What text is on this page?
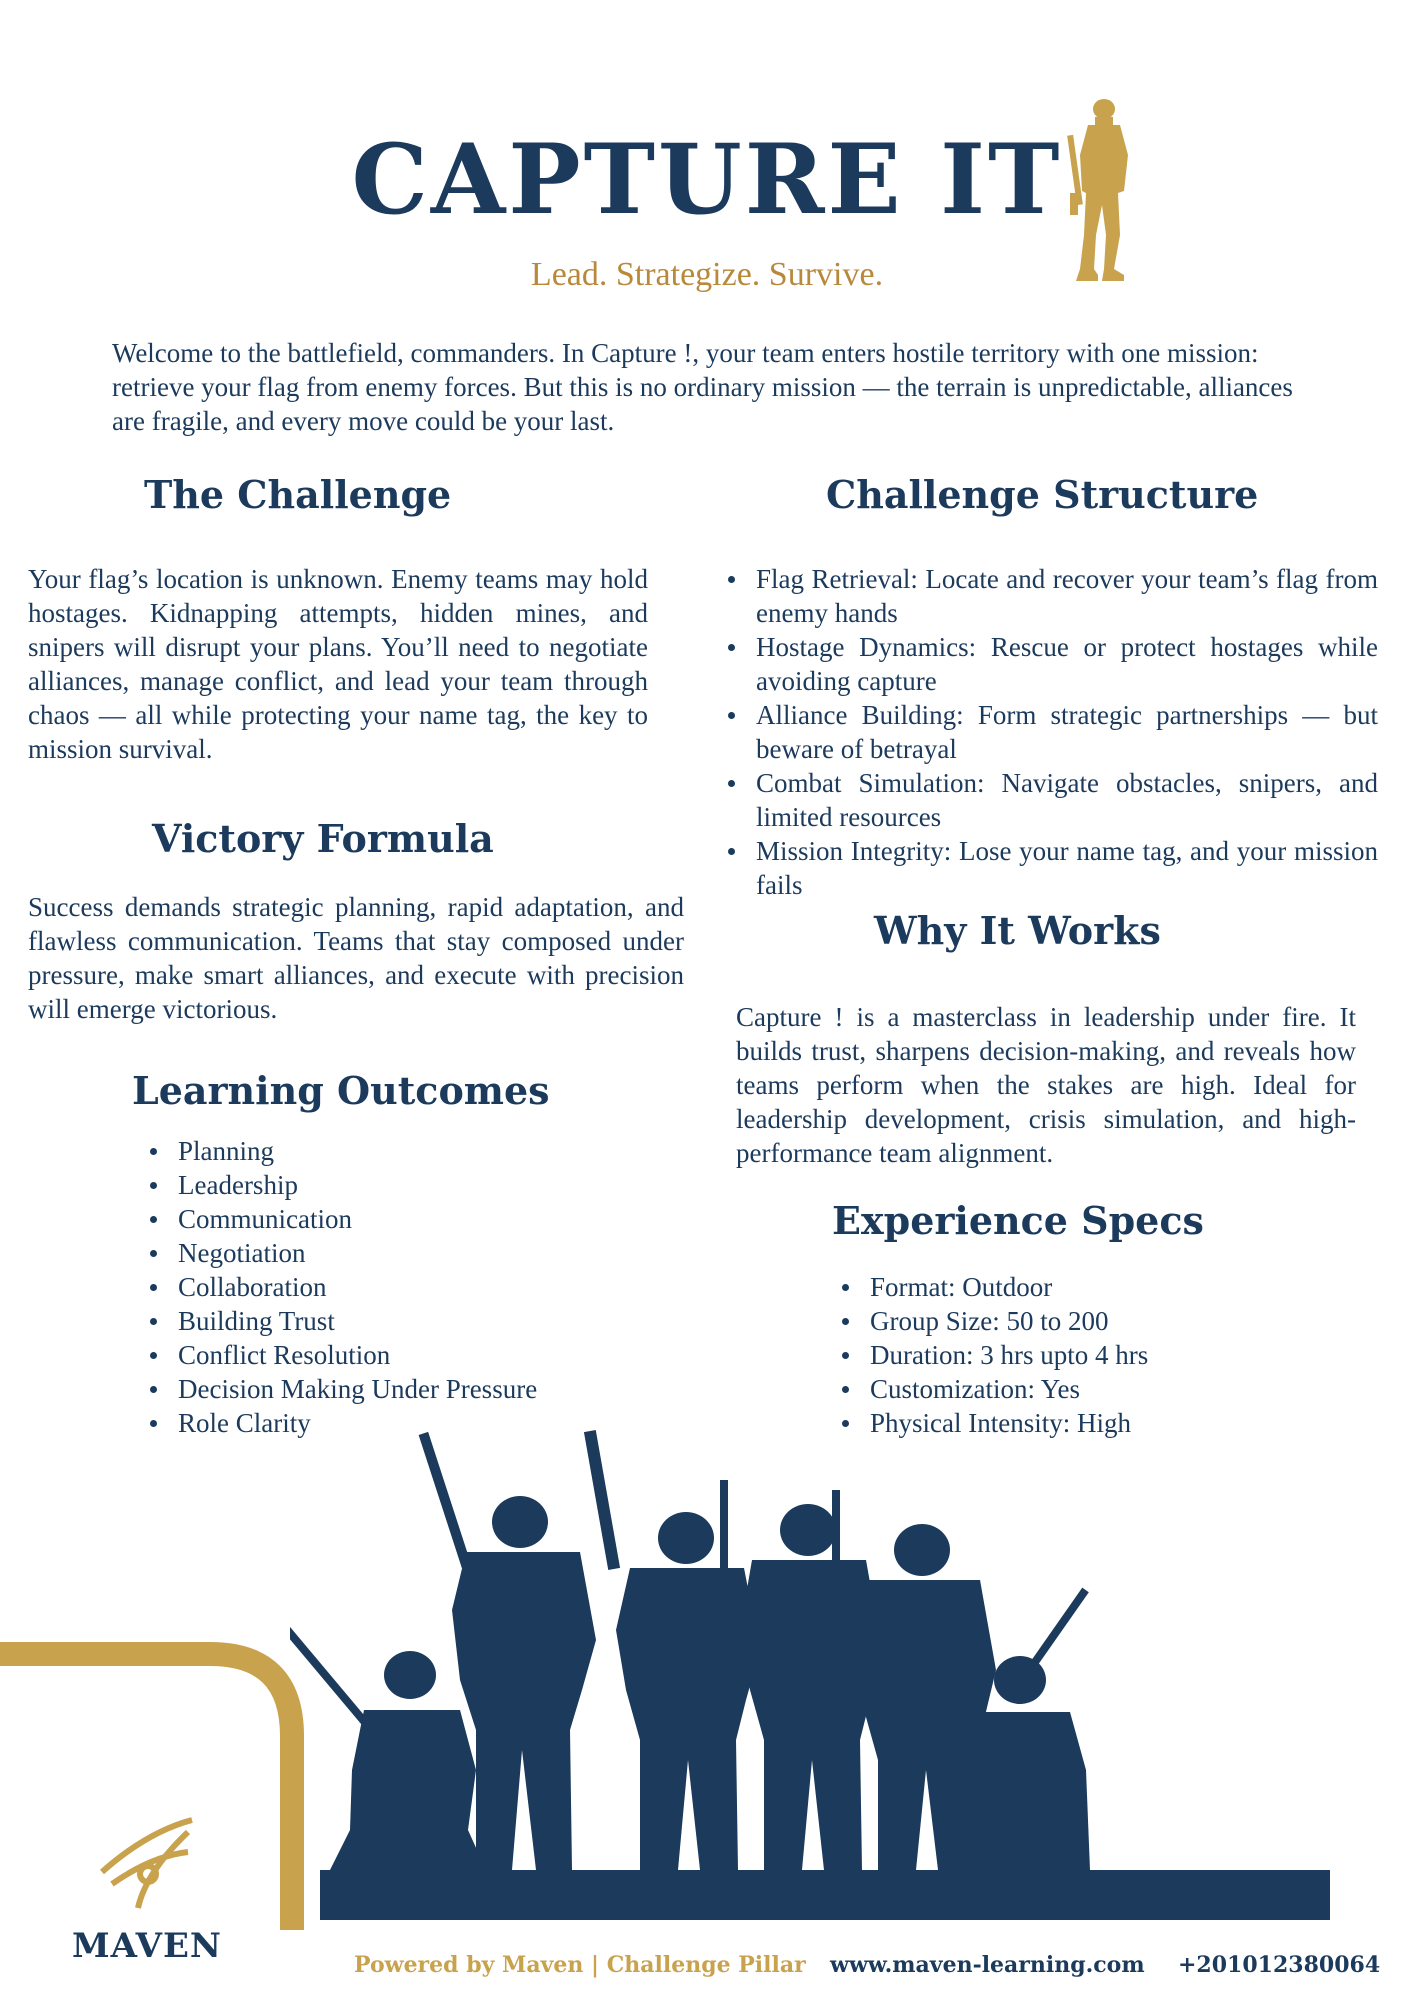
CAPTURE IT
Lead. Strategize. Survive.

Welcome to the battlefield, commanders. In Capture !, your team enters hostile territory with one mission: retrieve your flag from enemy forces. But this is no ordinary mission — the terrain is unpredictable, alliances are fragile, and every move could be your last.

The Challenge

Your flag’s location is unknown. Enemy teams may hold hostages. Kidnapping attempts, hidden mines, and snipers will disrupt your plans. You’ll need to negotiate alliances, manage conflict, and lead your team through chaos — all while protecting your name tag, the key to mission survival.

Victory Formula

Success demands strategic planning, rapid adaptation, and flawless communication. Teams that stay composed under pressure, make smart alliances, and execute with precision will emerge victorious.

Learning Outcomes
Planning
Leadership
Communication
Negotiation
Collaboration
Building Trust
Conflict Resolution
Decision Making Under Pressure
Role Clarity
Challenge Structure
Flag Retrieval: Locate and recover your team’s flag from enemy hands
Hostage Dynamics: Rescue or protect hostages while avoiding capture
Alliance Building: Form strategic partnerships — but beware of betrayal
Combat Simulation: Navigate obstacles, snipers, and limited resources
Mission Integrity: Lose your name tag, and your mission fails
Why It Works

Capture ! is a masterclass in leadership under fire. It builds trust, sharpens decision-making, and reveals how teams perform when the stakes are high. Ideal for leadership development, crisis simulation, and high-performance team alignment.

Experience Specs
Format: Outdoor
Group Size: 50 to 200
Duration: 3 hrs upto 4 hrs
Customization: Yes
Physical Intensity: High
MAVEN	Powered by Maven | Challenge Pillar www.maven-learning.com +201012380064
